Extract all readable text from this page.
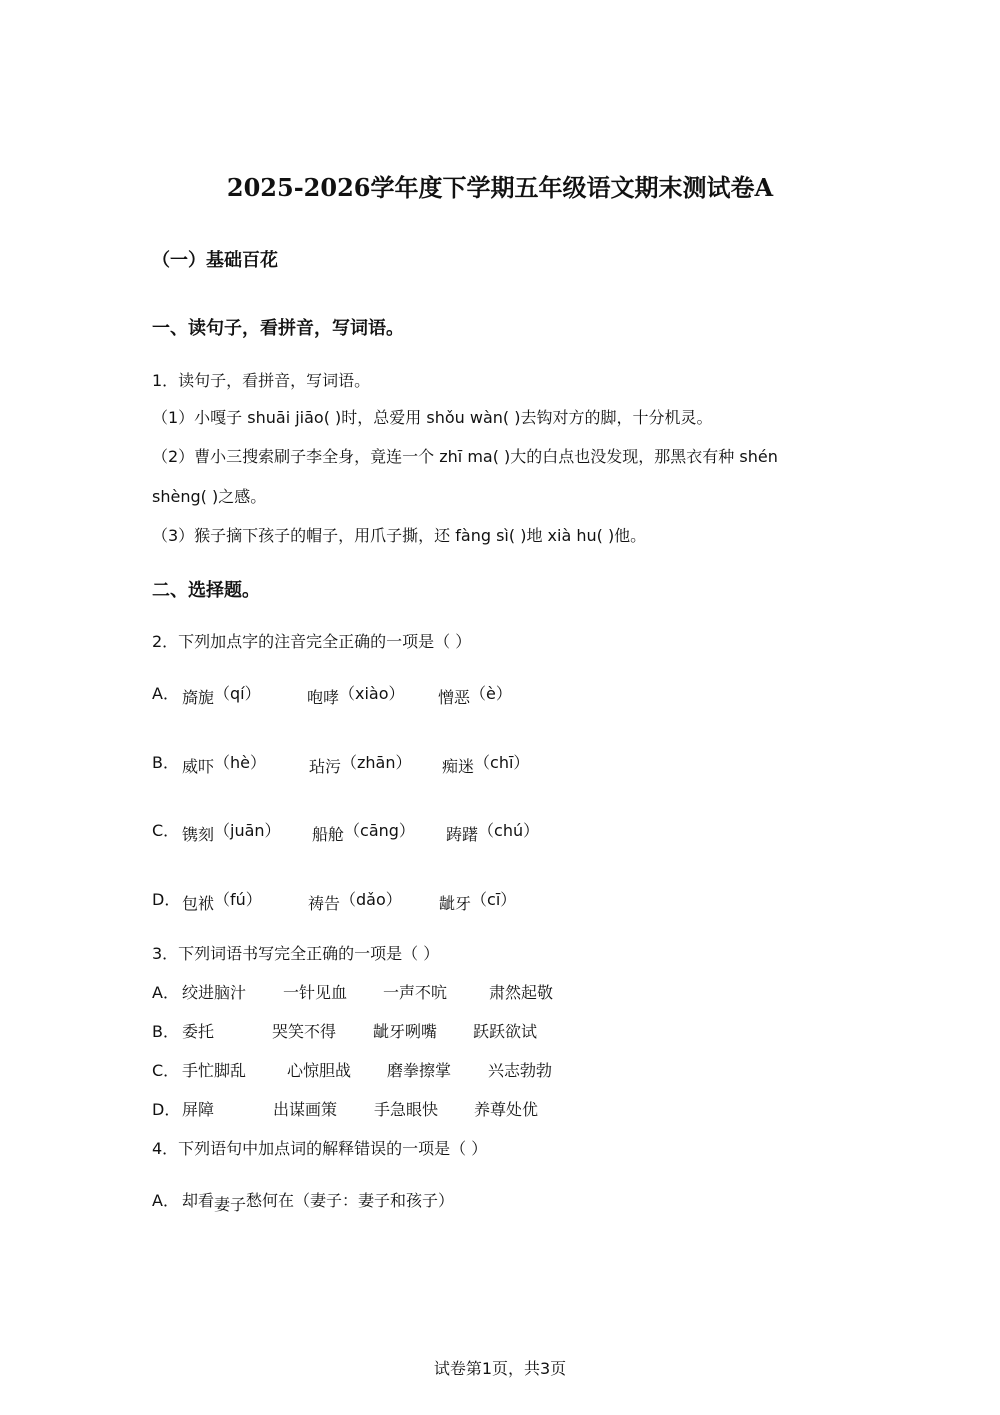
2025-2026学年度下学期五年级语文期末测试卷A
（一）基础百花
一、读句子，看拼音，写词语。
1．读句子，看拼音，写词语。
（1）小嘎子 shuāi jiāo( )时，总爱用 shǒu wàn( )去钩对方的脚，十分机灵。
（2）曹小三搜索刷子李全身，竟连一个 zhī ma( )大的白点也没发现，那黑衣有种 shén
shèng( )之感。
（3）猴子摘下孩子的帽子，用爪子撕，还 fàng sì( )地 xià hu( )他。
二、选择题。
2．下列加点字的注音完全正确的一项是（ ）
A． 旖旎（qí）	咆哮（xiào） 憎恶（è）
B． 威吓（hè）	玷污（zhān） 痴迷（chī）
C． 镌刻（juān） 船舱（cāng） 踌躇（chú）
D． 包袱（fú）	祷告（dǎo） 龇牙（cī）
3．下列词语书写完全正确的一项是（ ）
A． 绞进脑汁 一针见血 一声不吭	肃然起敬
B． 委托	哭笑不得 龇牙咧嘴 跃跃欲试
C． 手忙脚乱	心惊胆战 磨拳擦掌 兴志勃勃
D． 屏障	出谋画策 手急眼快 养尊处优
4．下列语句中加点词的解释错误的一项是（ ）
A． 却看妻子愁何在（妻子：妻子和孩子）
试卷第1页，共3页
